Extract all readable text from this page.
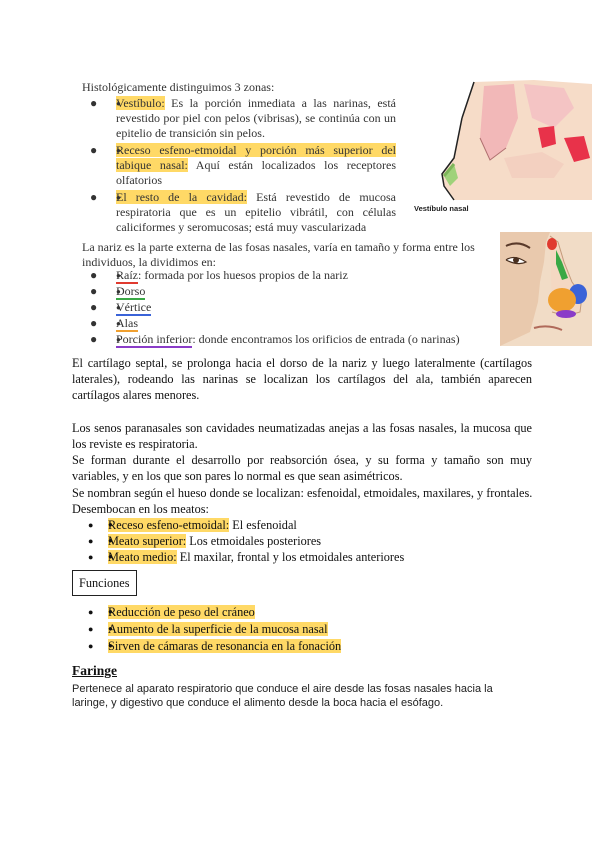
Histológicamente distinguimos 3 zonas:
● ● Vestíbulo: Es la porción inmediata a las narinas, está revestido por piel con pelos (vibrisas), se continúa con un epitelio de transición sin pelos.
● ● Receso esfeno-etmoidal y porción más superior del tabique nasal: Aquí están localizados los receptores olfatorios
● ● El resto de la cavidad: Está revestido de mucosa respiratoria que es un epitelio vibrátil, con células caliciformes y seromucosas; está muy vascularizada
Vestíbulo nasal
La nariz es la parte externa de las fosas nasales, varía en tamaño y forma entre los individuos, la dividimos en:
● ● Raíz: formada por los huesos propios de la nariz
● ● Dorso
● ● Vértice
● ● Alas
● ● Porción inferior: donde encontramos los orificios de entrada (o narinas)
El cartílago septal, se prolonga hacia el dorso de la nariz y luego lateralmente (cartílagos laterales), rodeando las narinas se localizan los cartílagos del ala, también aparecen cartílagos alares menores.
Los senos paranasales son cavidades neumatizadas anejas a las fosas nasales, la mucosa que los reviste es respiratoria.
Se forman durante el desarrollo por reabsorción ósea, y su forma y tamaño son muy variables, y en los que son pares lo normal es que sean asimétricos.
Se nombran según el hueso donde se localizan: esfenoidal, etmoidales, maxilares, y frontales.
Desembocan en los meatos:
● ● Receso esfeno-etmoidal: El esfenoidal
● ● Meato superior: Los etmoidales posteriores
● ● Meato medio: El maxilar, frontal y los etmoidales anteriores
Funciones
● ● Reducción de peso del cráneo
● ● Aumento de la superficie de la mucosa nasal
● ● Sirven de cámaras de resonancia en la fonación
Faringe
Pertenece al aparato respiratorio que conduce el aire desde las fosas nasales hacia la laringe, y digestivo que conduce el alimento desde la boca hacia el esófago.
